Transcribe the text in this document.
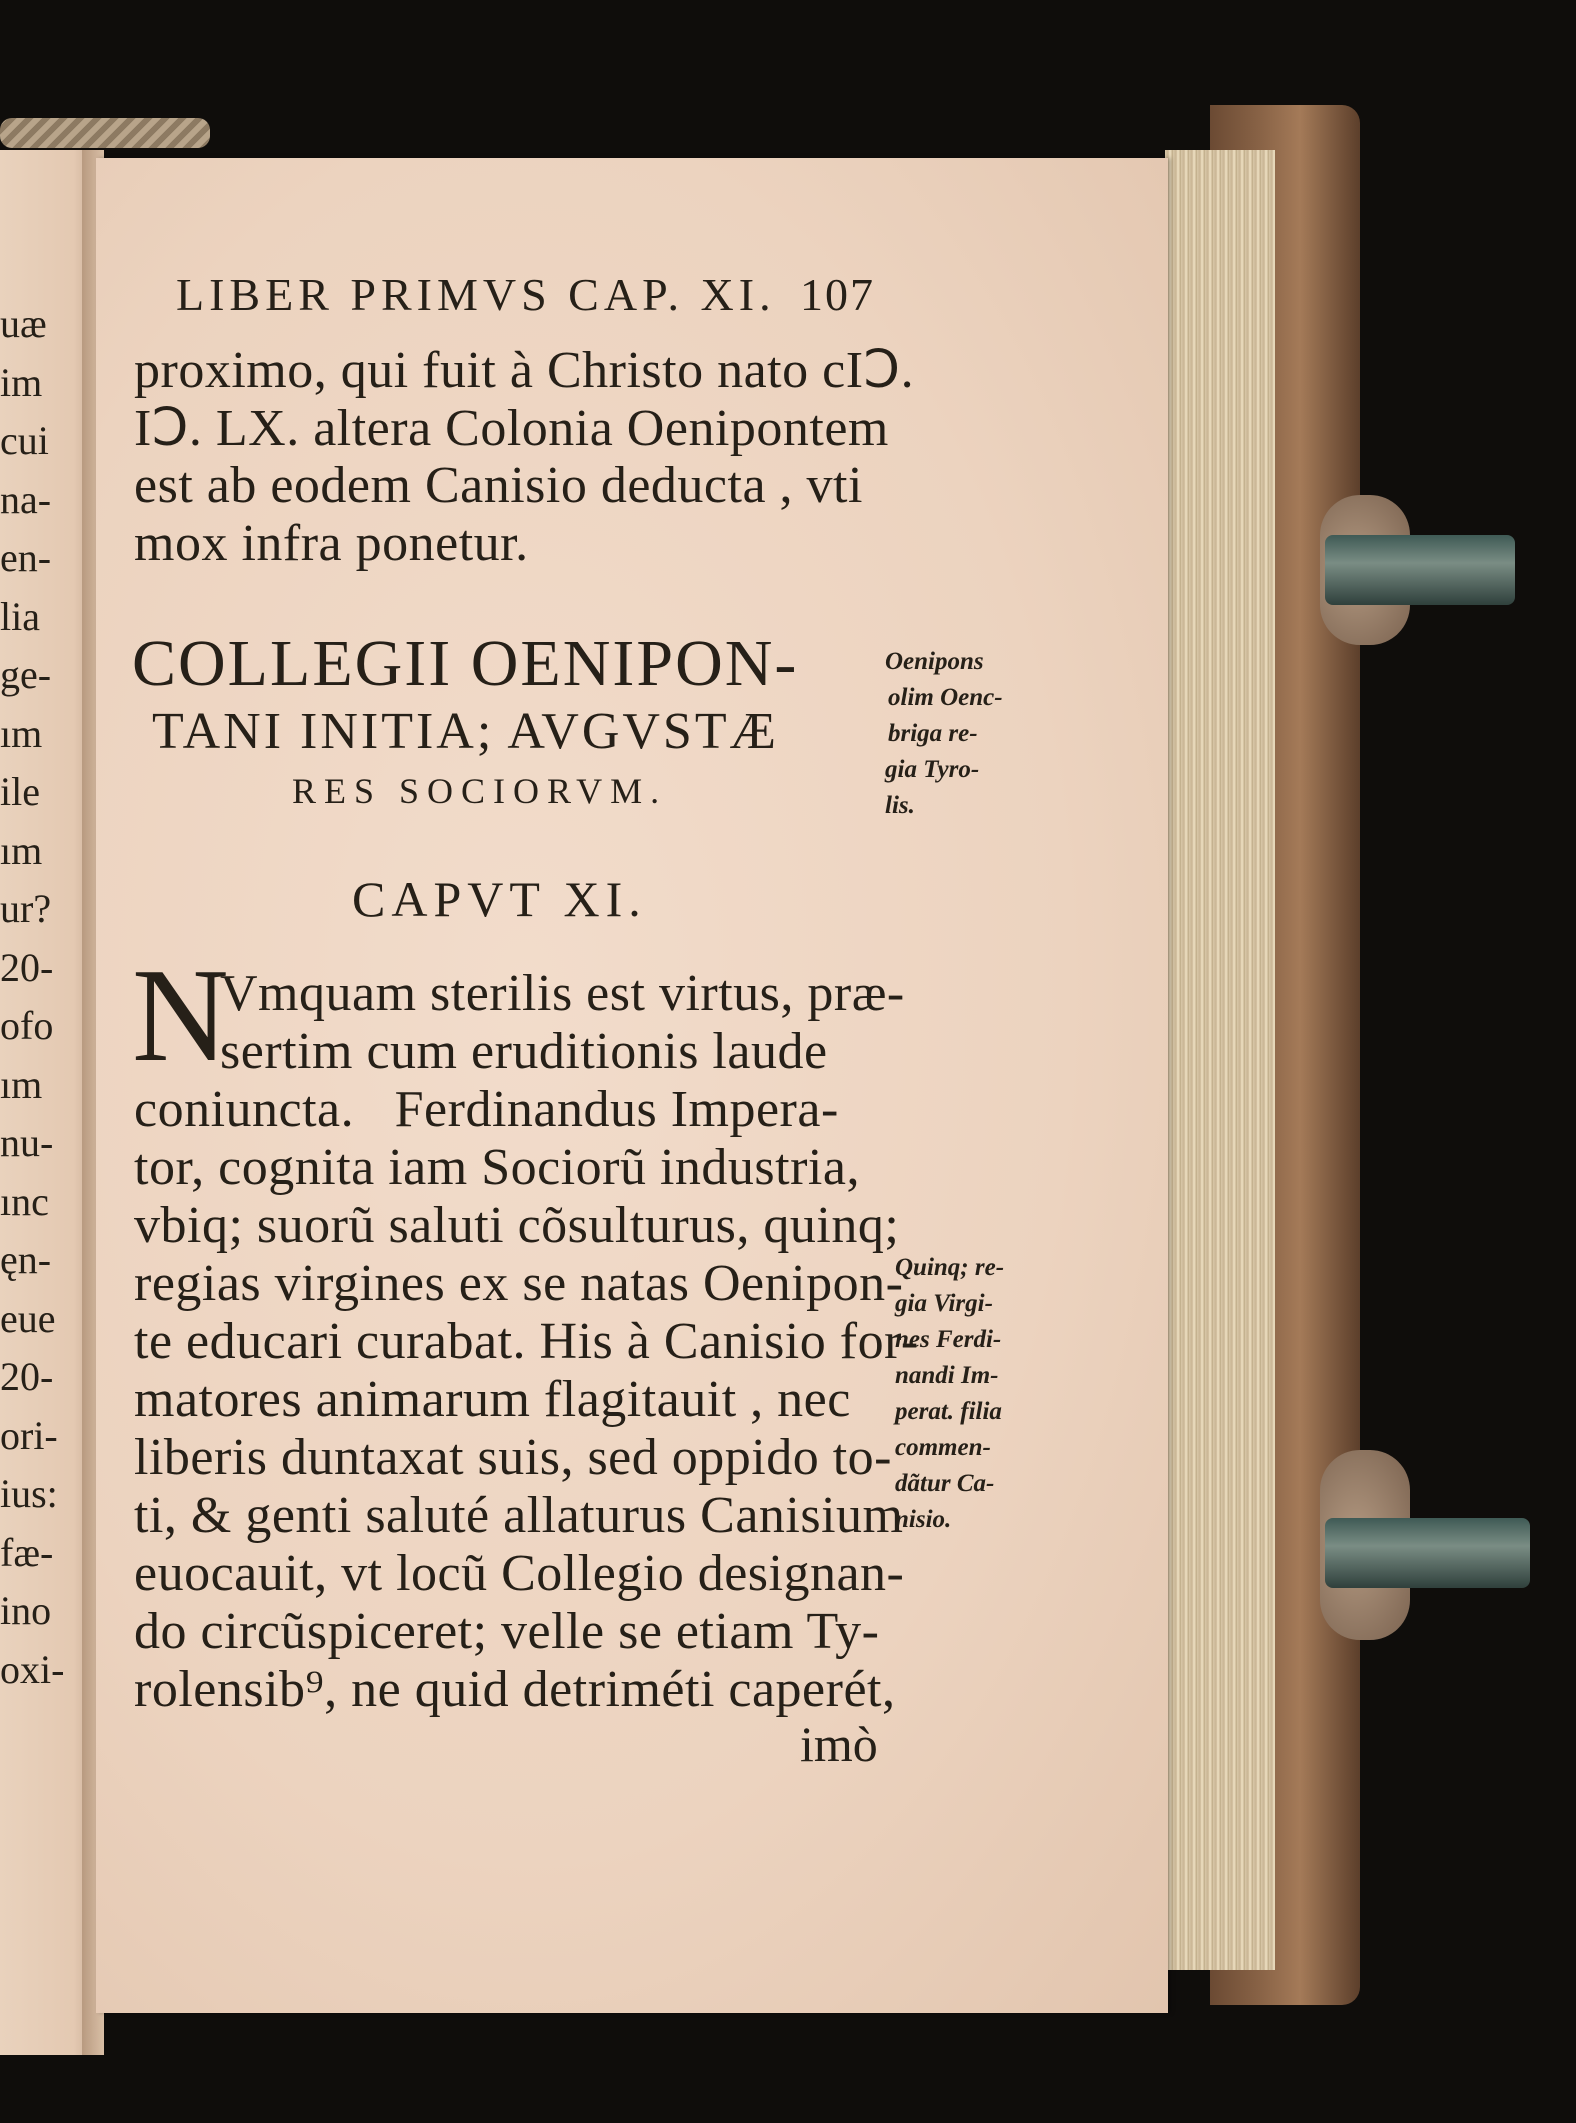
uæ
im
cui
na-
en-
lia
ge-
ım
ile
ım
ur?
20-
ofo
ım
nu-
ınc
ęn-
eue
20-
ori-
ius:
fæ-
ino
oxi-
LIBER PRIMVS CAP. XI. 107
proximo, qui fuit à Christo nato cIↃ.
IↃ. LX. altera Colonia Oenipontem
est ab eodem Canisio deducta , vti
mox infra ponetur.
COLLEGII OENIPON-
TANI INITIA; AVGVSTÆ
RES SOCIORVM.
CAPVT XI.
N
Vmquam sterilis est virtus, præ-
sertim cum eruditionis laude
coniuncta.   Ferdinandus Impera-
tor, cognita iam Sociorũ industria,
vbiq; suorũ saluti cõsulturus, quinq;
regias virgines ex se natas Oenipon-
te educari curabat. His à Canisio for-
matores animarum flagitauit , nec
liberis duntaxat suis, sed oppido to-
ti, & genti saluté allaturus Canisium
euocauit, vt locũ Collegio designan-
do circũspiceret; velle se etiam Ty-
rolensib⁹, ne quid detriméti caperét,
imò
Oenipons
olim Oenc-
briga re-
gia Tyro-
lis.
Quinq; re-
gia Virgi-
nes Ferdi-
nandi Im-
perat. filia
commen-
dãtur Ca-
nisio.
